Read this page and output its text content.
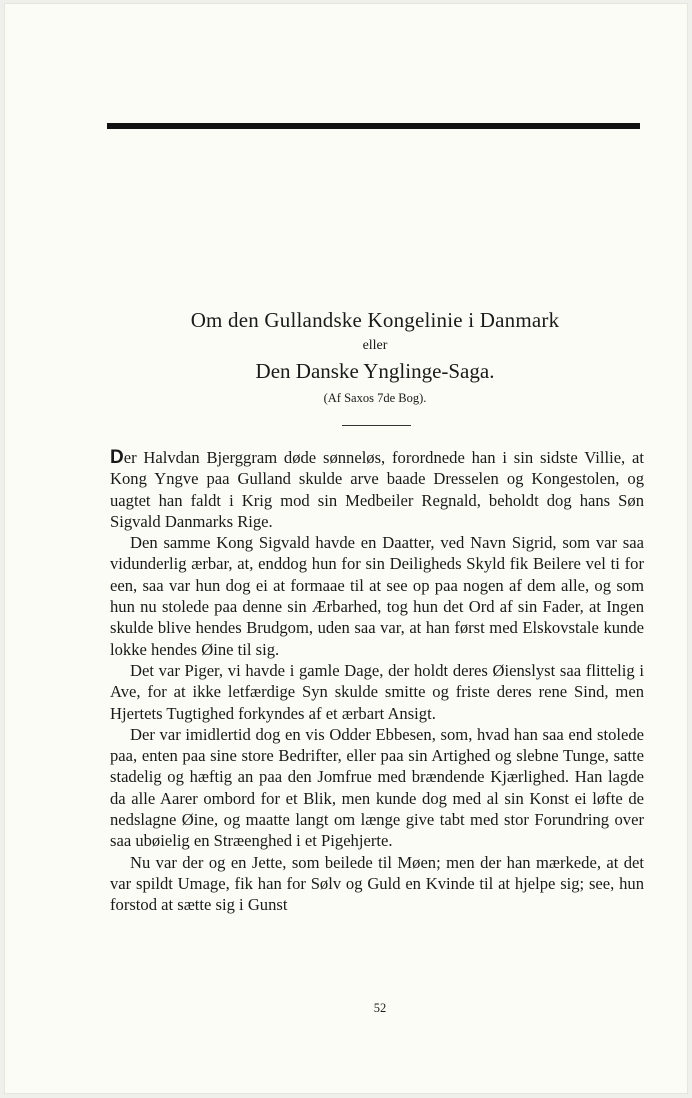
Om den Gullandske Kongelinie i Danmark
eller
Den Danske Ynglinge-Saga.
(Af Saxos 7de Bog).

Der Halvdan Bjerggram døde sønneløs, forordnede han i sin sidste Villie, at Kong Yngve paa Gulland skulde arve baade Dresselen og Kongestolen, og uagtet han faldt i Krig mod sin Medbeiler Regnald, beholdt dog hans Søn Sigvald Danmarks Rige.

Den samme Kong Sigvald havde en Daatter, ved Navn Sigrid, som var saa vidunderlig ærbar, at, enddog hun for sin Deiligheds Skyld fik Beilere vel ti for een, saa var hun dog ei at formaae til at see op paa nogen af dem alle, og som hun nu stolede paa denne sin Ærbarhed, tog hun det Ord af sin Fader, at Ingen skulde blive hendes Brudgom, uden saa var, at han først med Elskovstale kunde lokke hendes Øine til sig.

Det var Piger, vi havde i gamle Dage, der holdt deres Øienslyst saa flittelig i Ave, for at ikke letfærdige Syn skulde smitte og friste deres rene Sind, men Hjertets Tugtighed forkyndes af et ærbart Ansigt.

Der var imidlertid dog en vis Odder Ebbesen, som, hvad han saa end stolede paa, enten paa sine store Bedrifter, eller paa sin Artighed og slebne Tunge, satte stadelig og hæftig an paa den Jomfrue med brændende Kjærlighed. Han lagde da alle Aarer ombord for et Blik, men kunde dog med al sin Konst ei løfte de nedslagne Øine, og maatte langt om længe give tabt med stor Forundring over saa ubøielig en Stræenghed i et Pigehjerte.

Nu var der og en Jette, som beilede til Møen; men der han mærkede, at det var spildt Umage, fik han for Sølv og Guld en Kvinde til at hjelpe sig; see, hun forstod at sætte sig i Gunst

52
